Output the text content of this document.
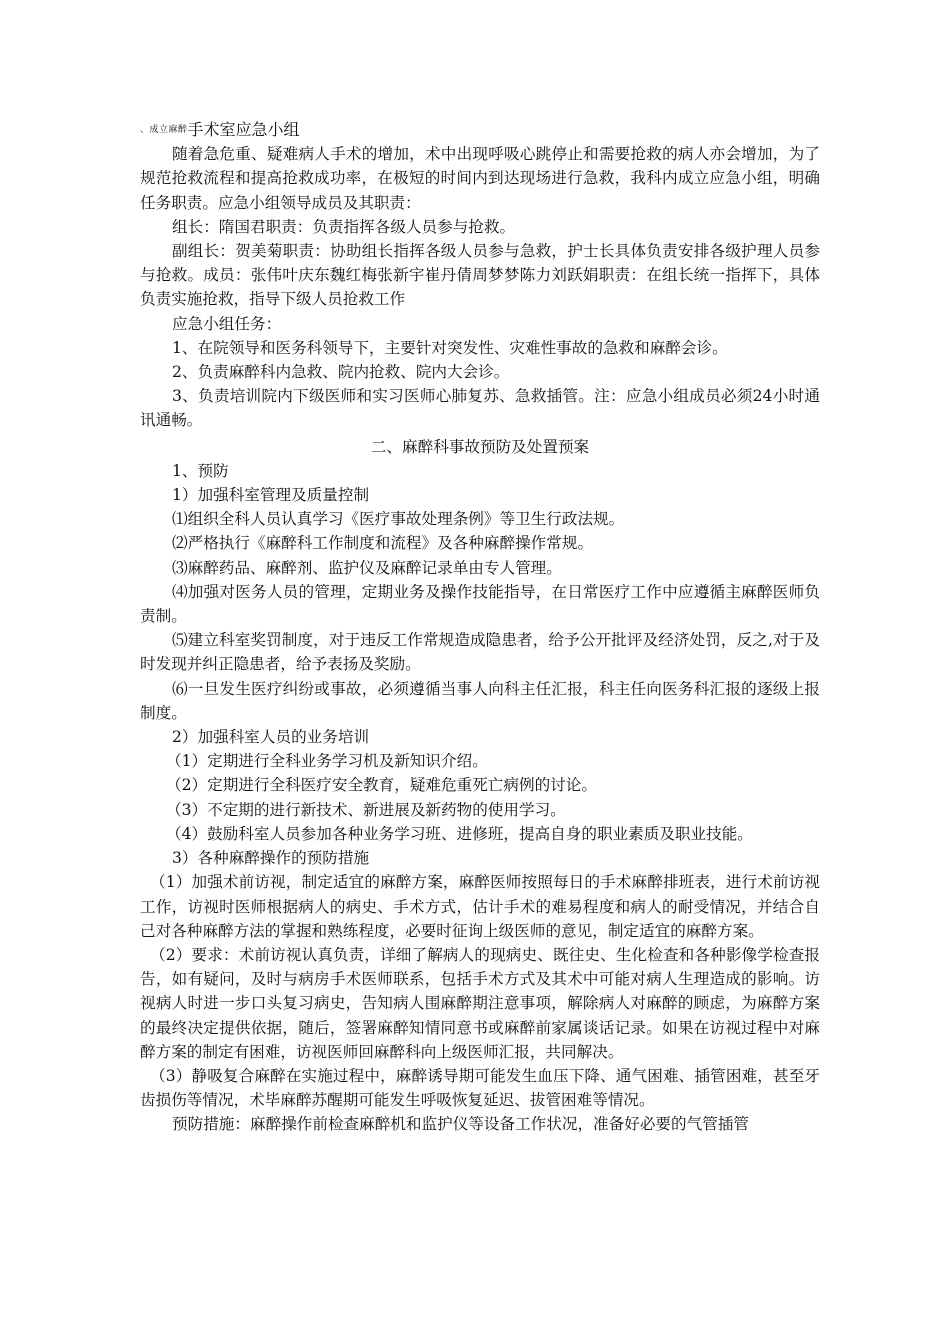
、成立麻醉手术室应急小组

随着急危重、疑难病人手术的增加，术中出现呼吸心跳停止和需要抢救的病人亦会增加，为了规范抢救流程和提高抢救成功率，在极短的时间内到达现场进行急救，我科内成立应急小组，明确任务职责。应急小组领导成员及其职责：

组长：隋国君职责：负责指挥各级人员参与抢救。

副组长：贺美菊职责：协助组长指挥各级人员参与急救，护士长具体负责安排各级护理人员参与抢救。成员：张伟叶庆东魏红梅张新宇崔丹倩周梦梦陈力刘跃娟职责：在组长统一指挥下，具体负责实施抢救，指导下级人员抢救工作

应急小组任务：

1、在院领导和医务科领导下，主要针对突发性、灾难性事故的急救和麻醉会诊。

2、负责麻醉科内急救、院内抢救、院内大会诊。

3、负责培训院内下级医师和实习医师心肺复苏、急救插管。注：应急小组成员必须24小时通讯通畅。

二、麻醉科事故预防及处置预案

1、预防

1）加强科室管理及质量控制

⑴组织全科人员认真学习《医疗事故处理条例》等卫生行政法规。

⑵严格执行《麻醉科工作制度和流程》及各种麻醉操作常规。

⑶麻醉药品、麻醉剂、监护仪及麻醉记录单由专人管理。

⑷加强对医务人员的管理，定期业务及操作技能指导，在日常医疗工作中应遵循主麻醉医师负责制。

⑸建立科室奖罚制度，对于违反工作常规造成隐患者，给予公开批评及经济处罚，反之,对于及时发现并纠正隐患者，给予表扬及奖励。

⑹一旦发生医疗纠纷或事故，必须遵循当事人向科主任汇报，科主任向医务科汇报的逐级上报制度。

2）加强科室人员的业务培训

（1）定期进行全科业务学习机及新知识介绍。

（2）定期进行全科医疗安全教育，疑难危重死亡病例的讨论。

（3）不定期的进行新技术、新进展及新药物的使用学习。

（4）鼓励科室人员参加各种业务学习班、进修班，提高自身的职业素质及职业技能。

3）各种麻醉操作的预防措施

（1）加强术前访视，制定适宜的麻醉方案，麻醉医师按照每日的手术麻醉排班表，进行术前访视工作，访视时医师根据病人的病史、手术方式，估计手术的难易程度和病人的耐受情况，并结合自己对各种麻醉方法的掌握和熟练程度，必要时征询上级医师的意见，制定适宜的麻醉方案。

（2）要求：术前访视认真负责，详细了解病人的现病史、既往史、生化检查和各种影像学检查报告，如有疑问，及时与病房手术医师联系，包括手术方式及其术中可能对病人生理造成的影响。访视病人时进一步口头复习病史，告知病人围麻醉期注意事项，解除病人对麻醉的顾虑，为麻醉方案的最终决定提供依据，随后，签署麻醉知情同意书或麻醉前家属谈话记录。如果在访视过程中对麻醉方案的制定有困难，访视医师回麻醉科向上级医师汇报，共同解决。

（3）静吸复合麻醉在实施过程中，麻醉诱导期可能发生血压下降、通气困难、插管困难，甚至牙齿损伤等情况，术毕麻醉苏醒期可能发生呼吸恢复延迟、拔管困难等情况。

预防措施：麻醉操作前检查麻醉机和监护仪等设备工作状况，准备好必要的气管插管
